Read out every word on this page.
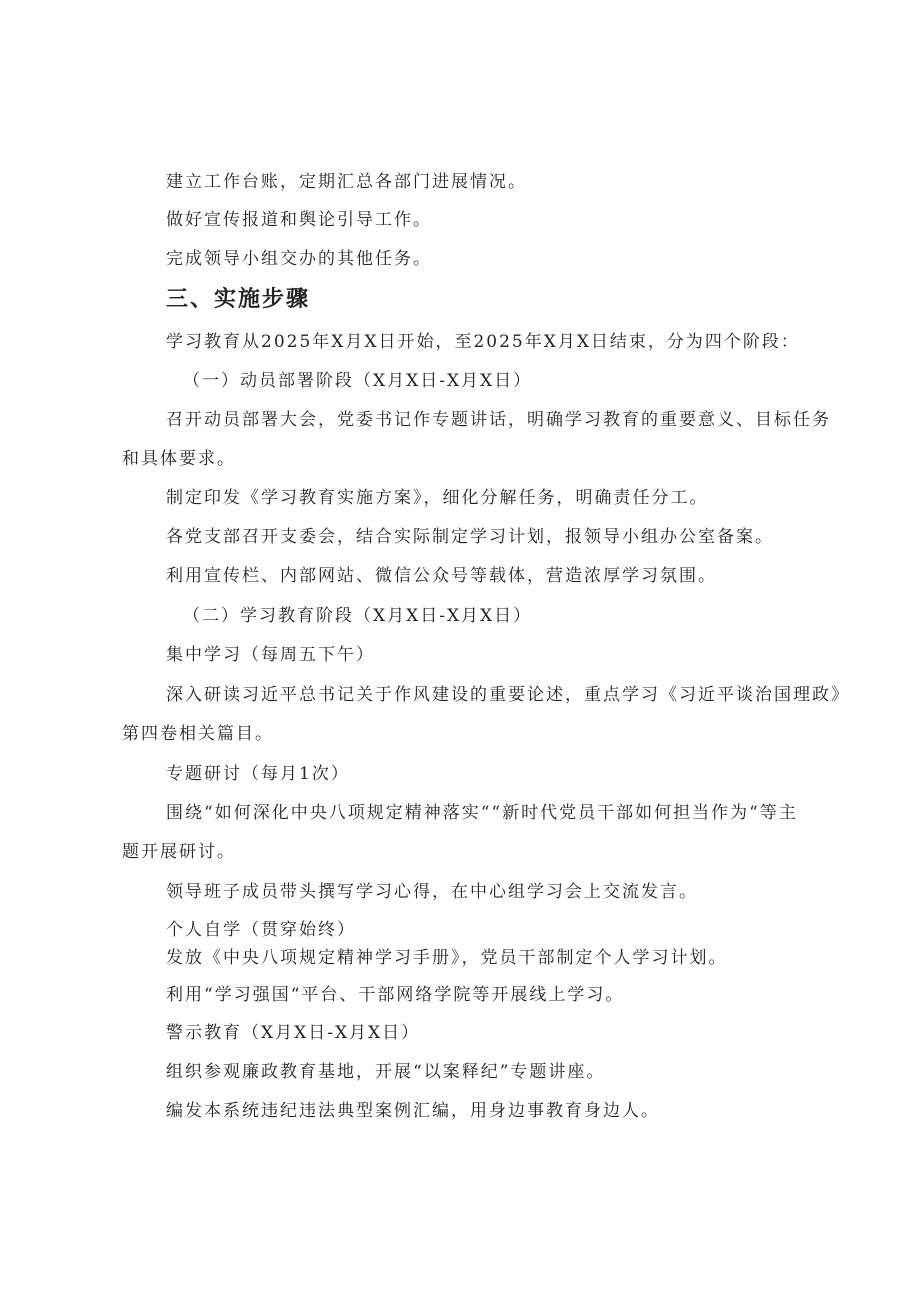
建立工作台账，定期汇总各部门进展情况。
做好宣传报道和舆论引导工作。
完成领导小组交办的其他任务。
三、实施步骤
学习教育从2025年X月X日开始，至2025年X月X日结束，分为四个阶段：
（一）动员部署阶段（X月X日-X月X日）
召开动员部署大会，党委书记作专题讲话，明确学习教育的重要意义、目标任务
和具体要求。
制定印发《学习教育实施方案》，细化分解任务，明确责任分工。
各党支部召开支委会，结合实际制定学习计划，报领导小组办公室备案。
利用宣传栏、内部网站、微信公众号等载体，营造浓厚学习氛围。
（二）学习教育阶段（X月X日-X月X日）
集中学习（每周五下午）
深入研读习近平总书记关于作风建设的重要论述，重点学习《习近平谈治国理政》
第四卷相关篇目。
专题研讨（每月1次）
围绕“如何深化中央八项规定精神落实““新时代党员干部如何担当作为“等主
题开展研讨。
领导班子成员带头撰写学习心得，在中心组学习会上交流发言。
个人自学（贯穿始终）
发放《中央八项规定精神学习手册》，党员干部制定个人学习计划。
利用“学习强国“平台、干部网络学院等开展线上学习。
警示教育（X月X日-X月X日）
组织参观廉政教育基地，开展“以案释纪”专题讲座。
编发本系统违纪违法典型案例汇编，用身边事教育身边人。
